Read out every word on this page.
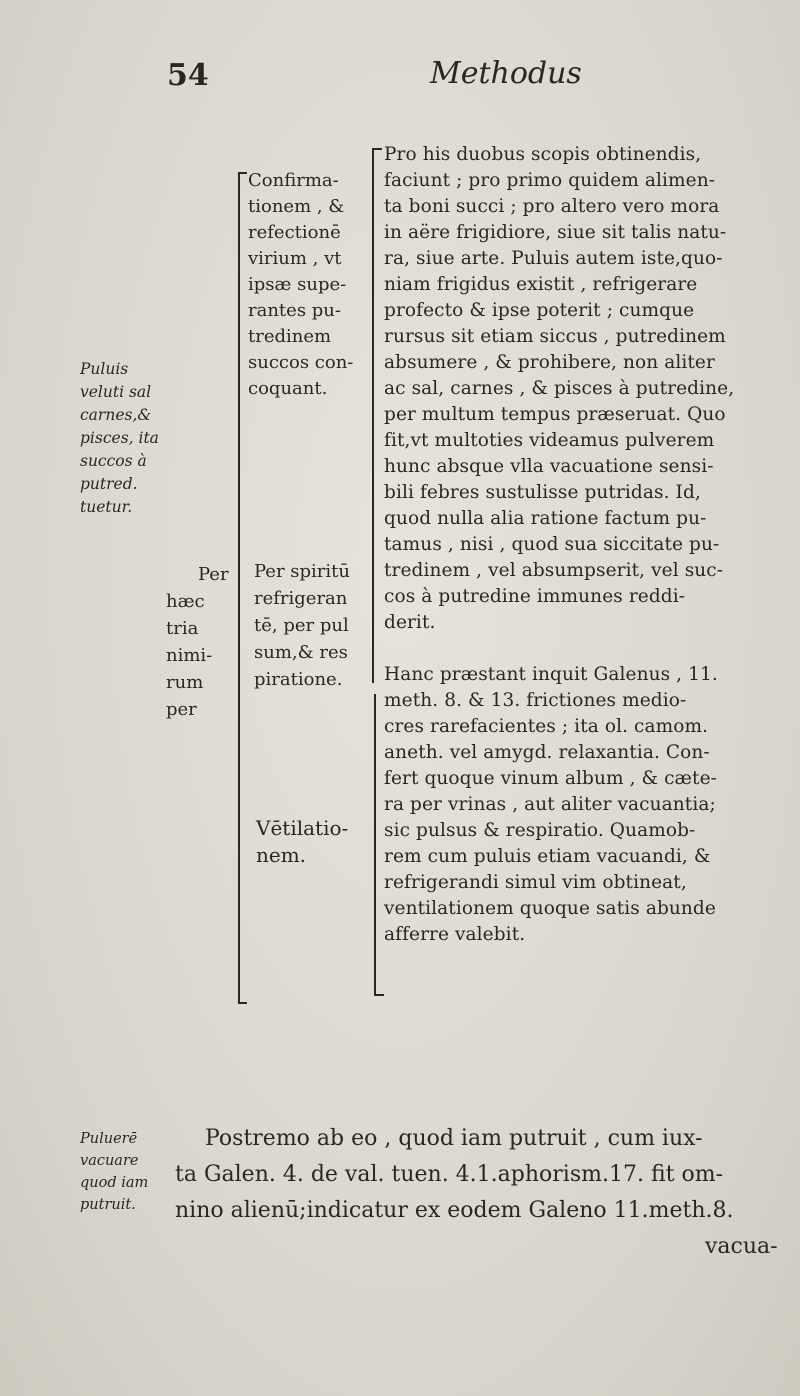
54	Methodus
Puluis
veluti sal
carnes,&
pisces, ita
succos à
putred.
tuetur.
Per
hæc
tria
nimi-
rum
per
Confirma-
tionem , &
refectionē
virium , vt
ipsæ supe-
rantes pu-
tredinem
succos con-
coquant.
Per spiritū
refrigeran
tē, per pul
sum,& res
piratione.
Vētilatio-
nem.
Pro his duobus scopis obtinendis,
faciunt ; pro primo quidem alimen-
ta boni succi ; pro altero vero mora
in aëre frigidiore, siue sit talis natu-
ra, siue arte. Puluis autem iste,quo-
niam frigidus existit , refrigerare
profecto & ipse poterit ; cumque
rursus sit etiam siccus , putredinem
absumere , & prohibere, non aliter
ac sal, carnes , & pisces à putredine,
per multum tempus præseruat. Quo
fit,vt multoties videamus pulverem
hunc absque vlla vacuatione sensi-
bili febres sustulisse putridas. Id,
quod nulla alia ratione factum pu-
tamus , nisi , quod sua siccitate pu-
tredinem , vel absumpserit, vel suc-
cos à putredine immunes reddi-
derit.
Hanc præstant inquit Galenus , 11.
meth. 8. & 13. frictiones medio-
cres rarefacientes ; ita ol. camom.
aneth. vel amygd. relaxantia. Con-
fert quoque vinum album , & cæte-
ra per vrinas , aut aliter vacuantia;
sic pulsus & respiratio. Quamob-
rem cum puluis etiam vacuandi, &
refrigerandi simul vim obtineat,
ventilationem quoque satis abunde
afferre valebit.
Puluerē
vacuare
quod iam
putruit.
Postremo ab eo , quod iam putruit , cum iux-
ta Galen. 4. de val. tuen. 4.1.aphorism.17. fit om-
nino alienū;indicatur ex eodem Galeno 11.meth.8.
vacua-
